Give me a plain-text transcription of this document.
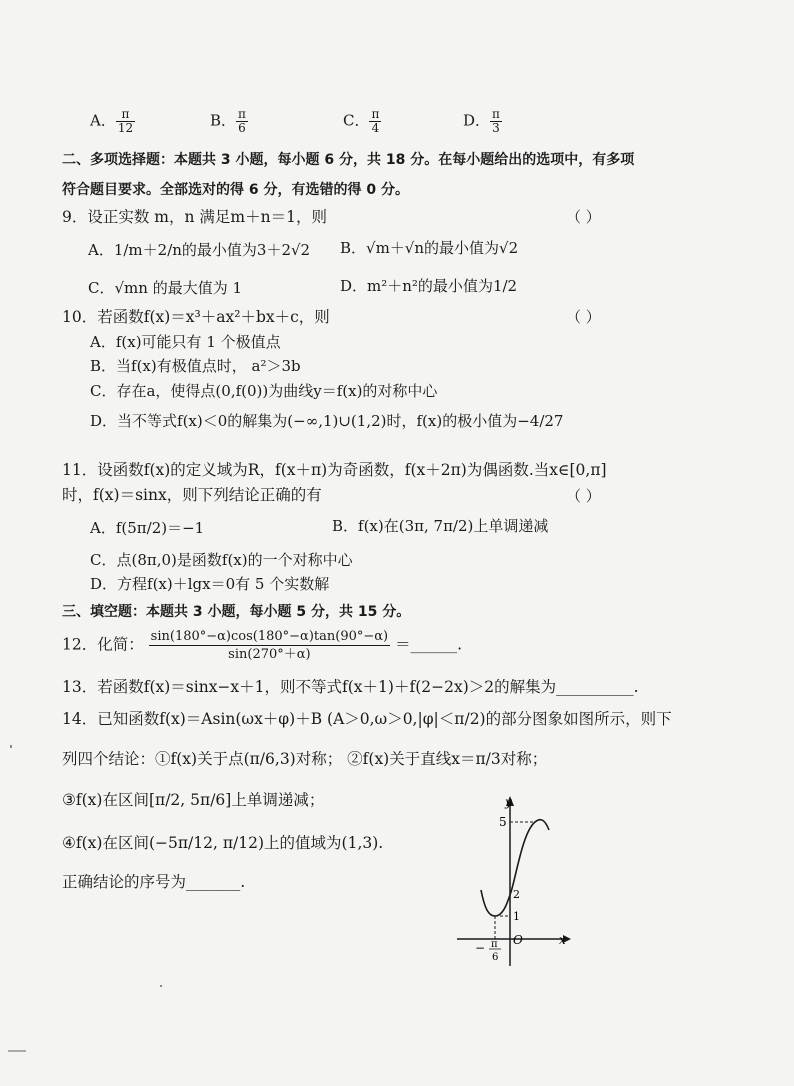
A． $\frac{\pi}{12}$	B． $\frac{\pi}{6}$	C． $\frac{\pi}{4}$	D． $\frac{\pi}{3}$
二、多项选择题：本题共 3 小题，每小题 6 分，共 18 分。在每小题给出的选项中，有多项
符合题目要求。全部选对的得 6 分，有选错的得 0 分。
9．设正实数 m，n 满足m＋n＝1，则	（ ）
A．1/m＋2/n的最小值为3＋2√2 B．√m＋√n的最小值为√2
C．√mn 的最大值为 1	D．m²＋n²的最小值为1/2
10．若函数f(x)＝x³＋ax²＋bx＋c，则	（ ）
A．f(x)可能只有 1 个极值点
B．当f(x)有极值点时， a²＞3b
C．存在a，使得点(0,f(0))为曲线y＝f(x)的对称中心
D．当不等式f(x)＜0的解集为(−∞,1)∪(1,2)时，f(x)的极小值为−4/27
11．设函数f(x)的定义域为R，f(x＋π)为奇函数，f(x＋2π)为偶函数.当x∈[0,π]
时，f(x)＝sinx，则下列结论正确的有	（ ）
A．f(5π/2)＝−1	B．f(x)在(3π, 7π/2)上单调递减
C．点(8π,0)是函数f(x)的一个对称中心
D．方程f(x)＋lgx＝0有 5 个实数解
三、填空题：本题共 3 小题，每小题 5 分，共 15 分。
12．化简： $\frac{\sin(180^\circ-\alpha)\cos(180^\circ-\alpha)\tan(90^\circ-\alpha)}{\sin(270^\circ+\alpha)}$ ＝______.
13．若函数f(x)＝sinx−x＋1，则不等式f(x＋1)＋f(2−2x)＞2的解集为__________.
14．已知函数f(x)＝Asin(ωx＋φ)＋B (A＞0,ω＞0,|φ|＜π/2)的部分图象如图所示，则下
列四个结论：①f(x)关于点(π/6,3)对称； ②f(x)关于直线x＝π/3对称；
③f(x)在区间[π/2, 5π/6]上单调递减；
④f(x)在区间(−5π/12, π/12)上的值域为(1,3).
正确结论的序号为_______.
y
x
O
5
1
2
− π
6
